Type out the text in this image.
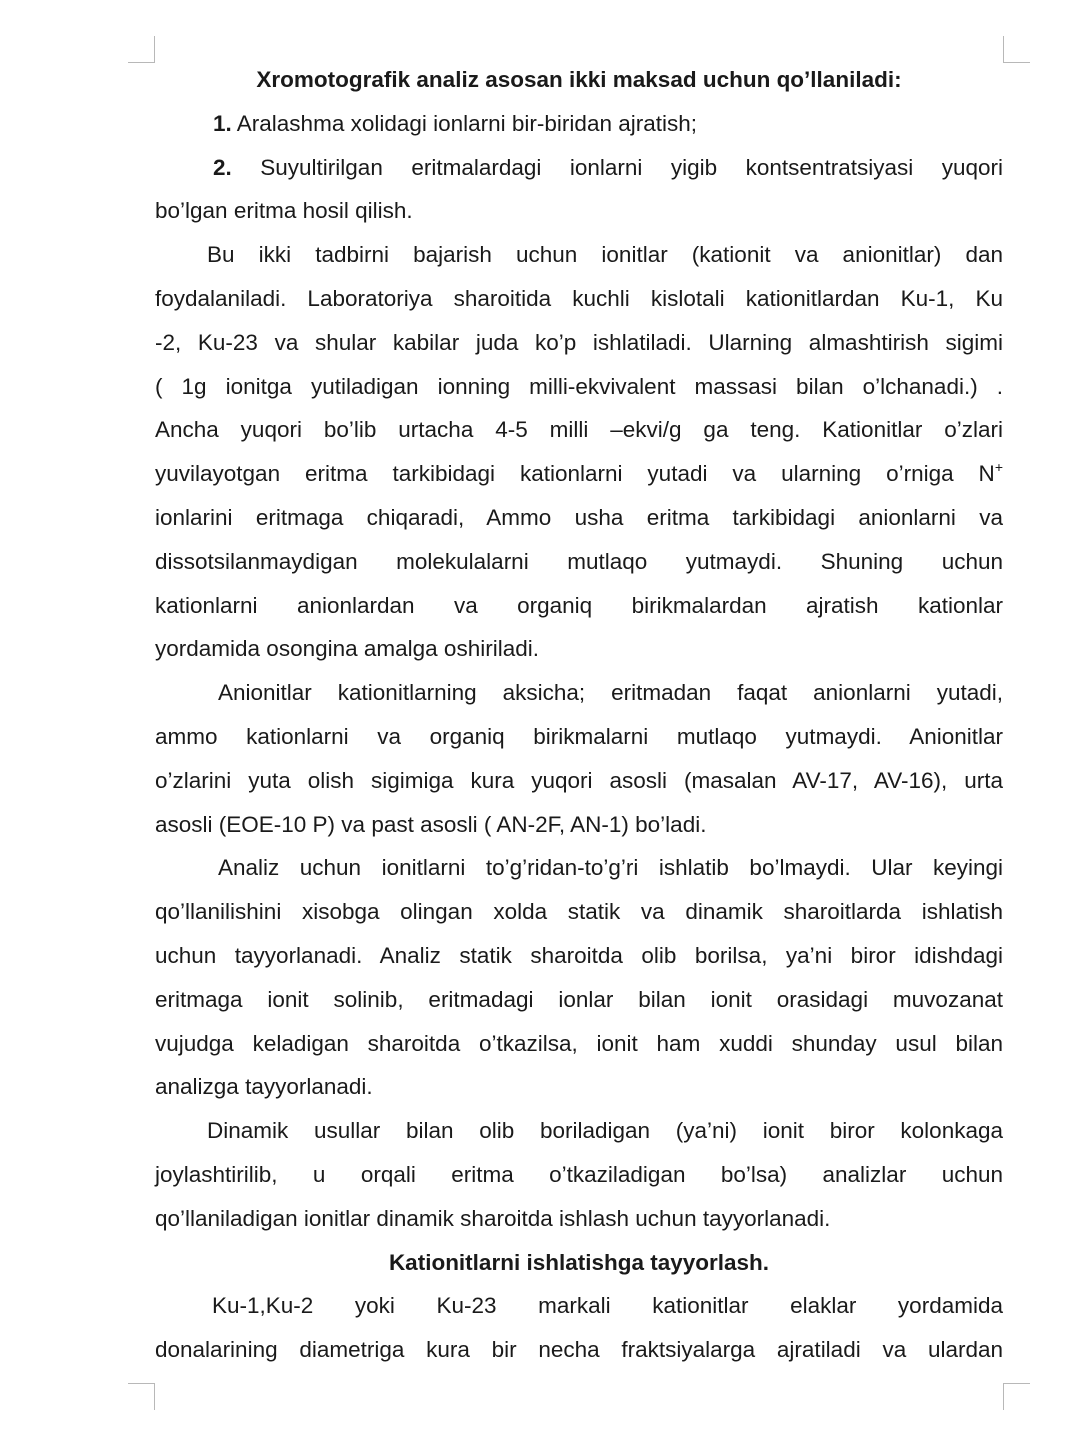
Xromotografik analiz asosan ikki maksad uchun qo’llaniladi:
1. Aralashma xolidagi ionlarni bir-biridan ajratish;
2. Suyultirilgan eritmalardagi ionlarni yigib kontsentratsiyasi yuqori
bo’lgan eritma hosil qilish.
Bu ikki tadbirni bajarish uchun ionitlar (kationit va anionitlar) dan
foydalaniladi. Laboratoriya sharoitida kuchli kislotali kationitlardan Ku-1, Ku
-2, Ku-23 va shular kabilar juda ko’p ishlatiladi. Ularning almashtirish sigimi
( 1g ionitga yutiladigan ionning milli-ekvivalent massasi bilan o’lchanadi.) .
Ancha yuqori bo’lib urtacha 4-5 milli –ekvi/g ga teng. Kationitlar o’zlari
yuvilayotgan eritma tarkibidagi kationlarni yutadi va ularning o’rniga N+
ionlarini eritmaga chiqaradi, Ammo usha eritma tarkibidagi anionlarni va
dissotsilanmaydigan molekulalarni mutlaqo yutmaydi. Shuning uchun
kationlarni anionlardan va organiq birikmalardan ajratish kationlar
yordamida osongina amalga oshiriladi.
Anionitlar kationitlarning aksicha; eritmadan faqat anionlarni yutadi,
ammo kationlarni va organiq birikmalarni mutlaqo yutmaydi. Anionitlar
o’zlarini yuta olish sigimiga kura yuqori asosli (masalan AV-17, AV-16), urta
asosli (EOE-10 P) va past asosli ( AN-2F, AN-1) bo’ladi.
Analiz uchun ionitlarni to’g’ridan-to’g’ri ishlatib bo’lmaydi. Ular keyingi
qo’llanilishini xisobga olingan xolda statik va dinamik sharoitlarda ishlatish
uchun tayyorlanadi. Analiz statik sharoitda olib borilsa, ya’ni biror idishdagi
eritmaga ionit solinib, eritmadagi ionlar bilan ionit orasidagi muvozanat
vujudga keladigan sharoitda o’tkazilsa, ionit ham xuddi shunday usul bilan
analizga tayyorlanadi.
Dinamik usullar bilan olib boriladigan (ya’ni) ionit biror kolonkaga
joylashtirilib, u orqali eritma o’tkaziladigan bo’lsa) analizlar uchun
qo’llaniladigan ionitlar dinamik sharoitda ishlash uchun tayyorlanadi.
Kationitlarni ishlatishga tayyorlash.
Ku-1,Ku-2 yoki Ku-23 markali kationitlar elaklar yordamida
donalarining diametriga kura bir necha fraktsiyalarga ajratiladi va ulardan
